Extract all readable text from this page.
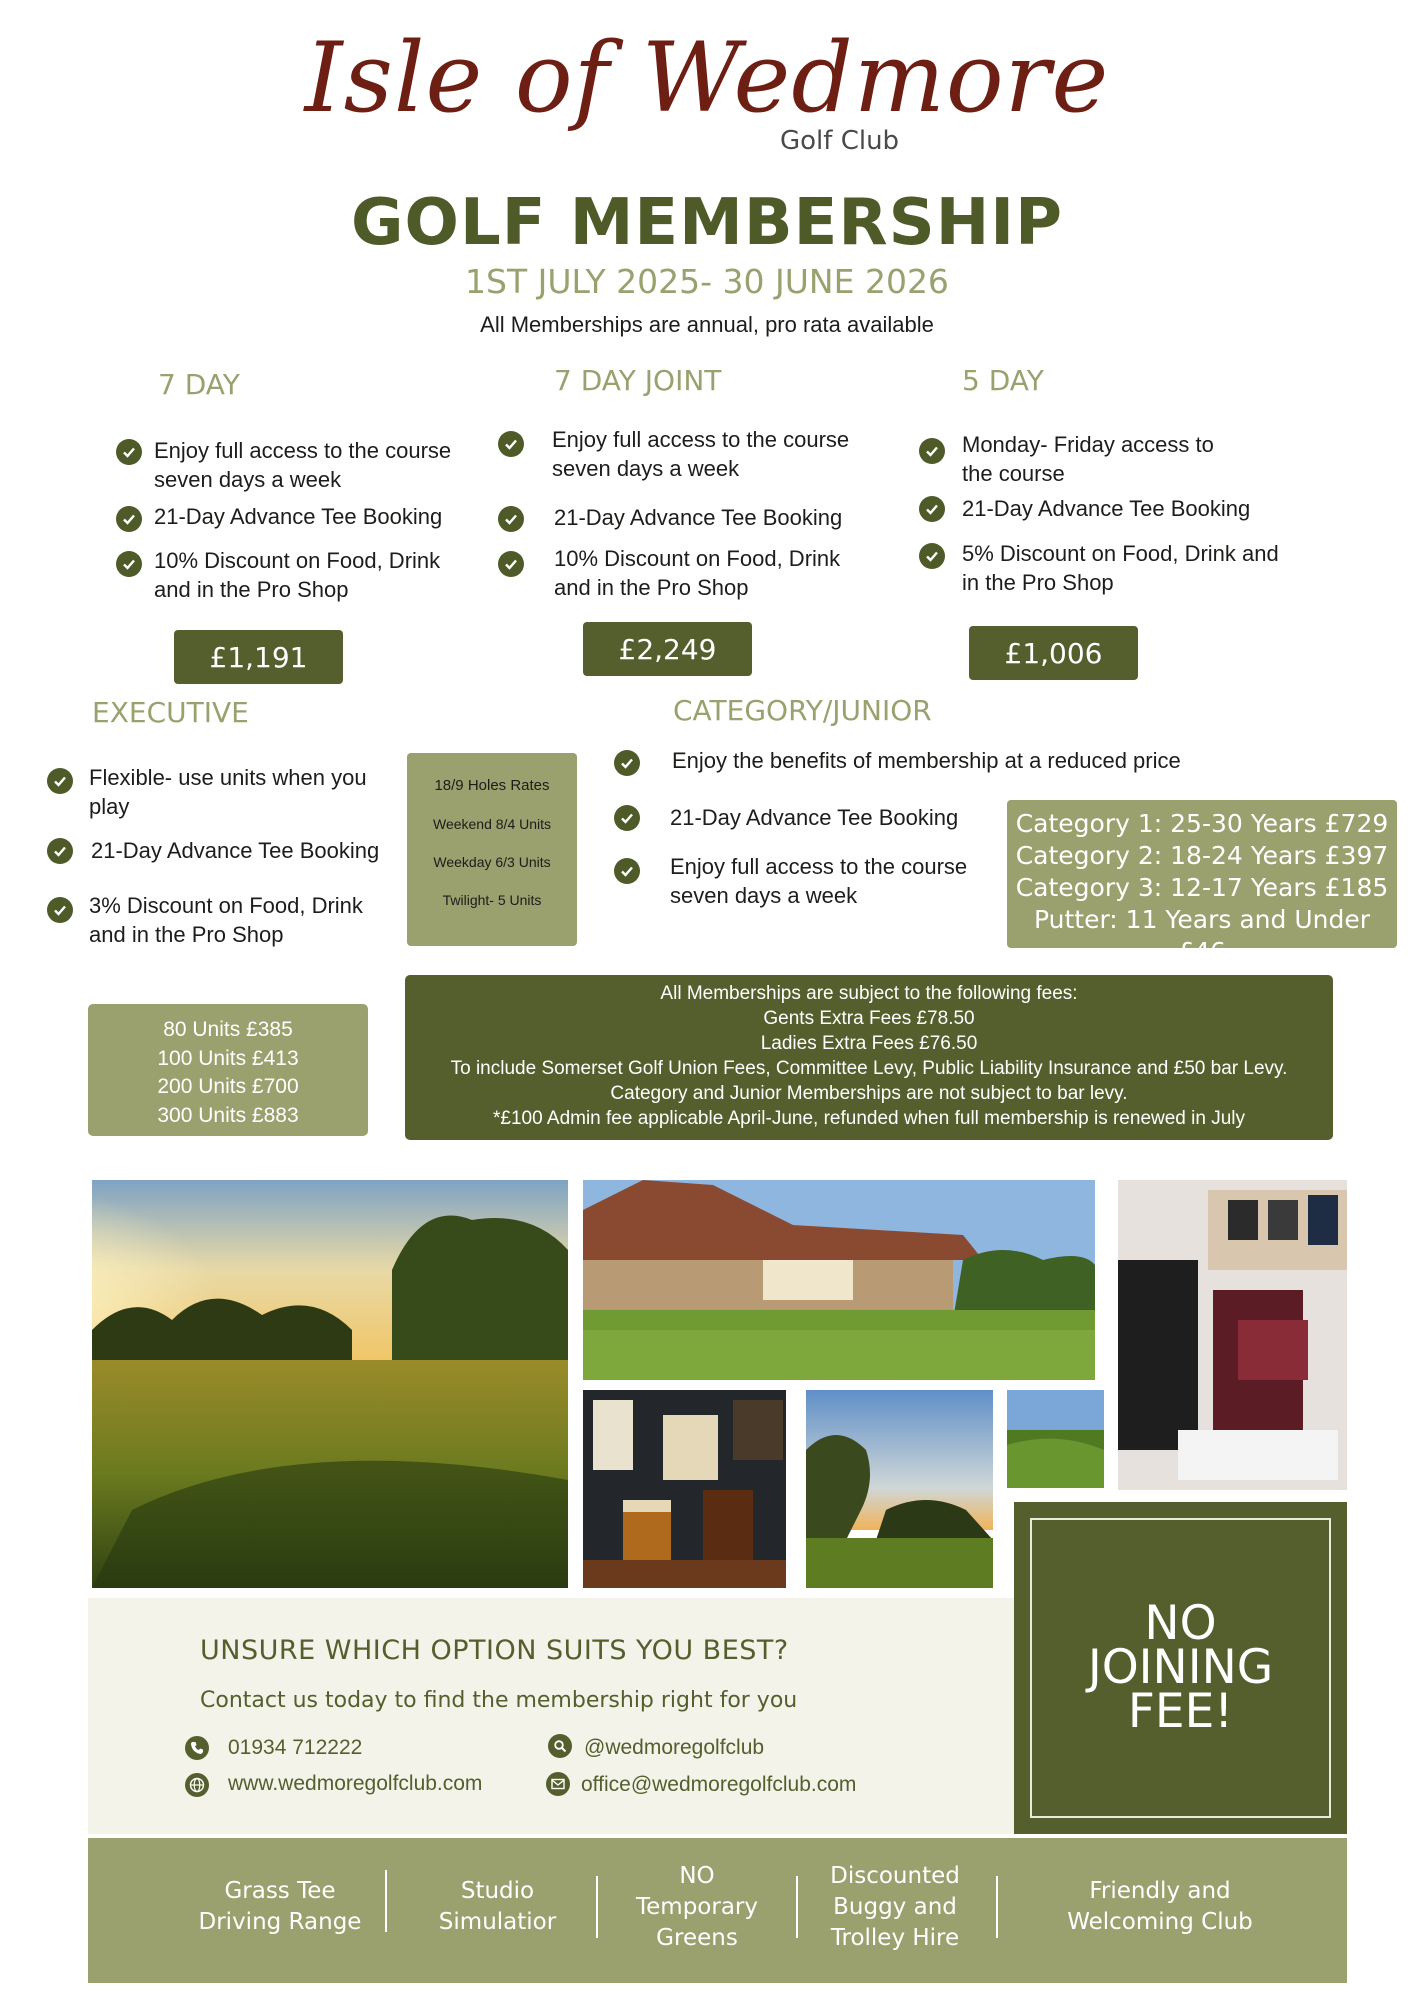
Isle of Wedmore
Golf Club
GOLF MEMBERSHIP
1ST JULY 2025- 30 JUNE 2026
All Memberships are annual, pro rata available
7 DAY
Enjoy full access to the course seven days a week
21-Day Advance Tee Booking
10% Discount on Food, Drink and in the Pro Shop
£1,191
7 DAY JOINT
Enjoy full access to the course seven days a week
21-Day Advance Tee Booking
10% Discount on Food, Drink and in the Pro Shop
£2,249
5 DAY
Monday- Friday access to the course
21-Day Advance Tee Booking
5% Discount on Food, Drink and in the Pro Shop
£1,006
EXECUTIVE
Flexible- use units when you play
21-Day Advance Tee Booking
3% Discount on Food, Drink and in the Pro Shop
18/9 Holes Rates
Weekend 8/4 Units
Weekday 6/3 Units
Twilight- 5 Units
80 Units £385
100 Units £413
200 Units £700
300 Units £883
CATEGORY/JUNIOR
Enjoy the benefits of membership at a reduced price
21-Day Advance Tee Booking
Enjoy full access to the course seven days a week
Category 1: 25-30 Years £729
Category 2: 18-24 Years £397
Category 3: 12-17 Years £185
Putter: 11 Years and Under £46
All Memberships are subject to the following fees:
Gents Extra Fees £78.50
Ladies Extra Fees £76.50
To include Somerset Golf Union Fees, Committee Levy, Public Liability Insurance and £50 bar Levy.
Category and Junior Memberships are not subject to bar levy.
*£100 Admin fee applicable April-June, refunded when full membership is renewed in July
UNSURE WHICH OPTION SUITS YOU BEST?
Contact us today to find the membership right for you
01934 712222
www.wedmoregolfclub.com
@wedmoregolfclub
office@wedmoregolfclub.com
NO
JOINING
FEE!
Grass Tee Driving Range
Studio Simulatior
NO Temporary Greens
Discounted Buggy and Trolley Hire
Friendly and Welcoming Club
